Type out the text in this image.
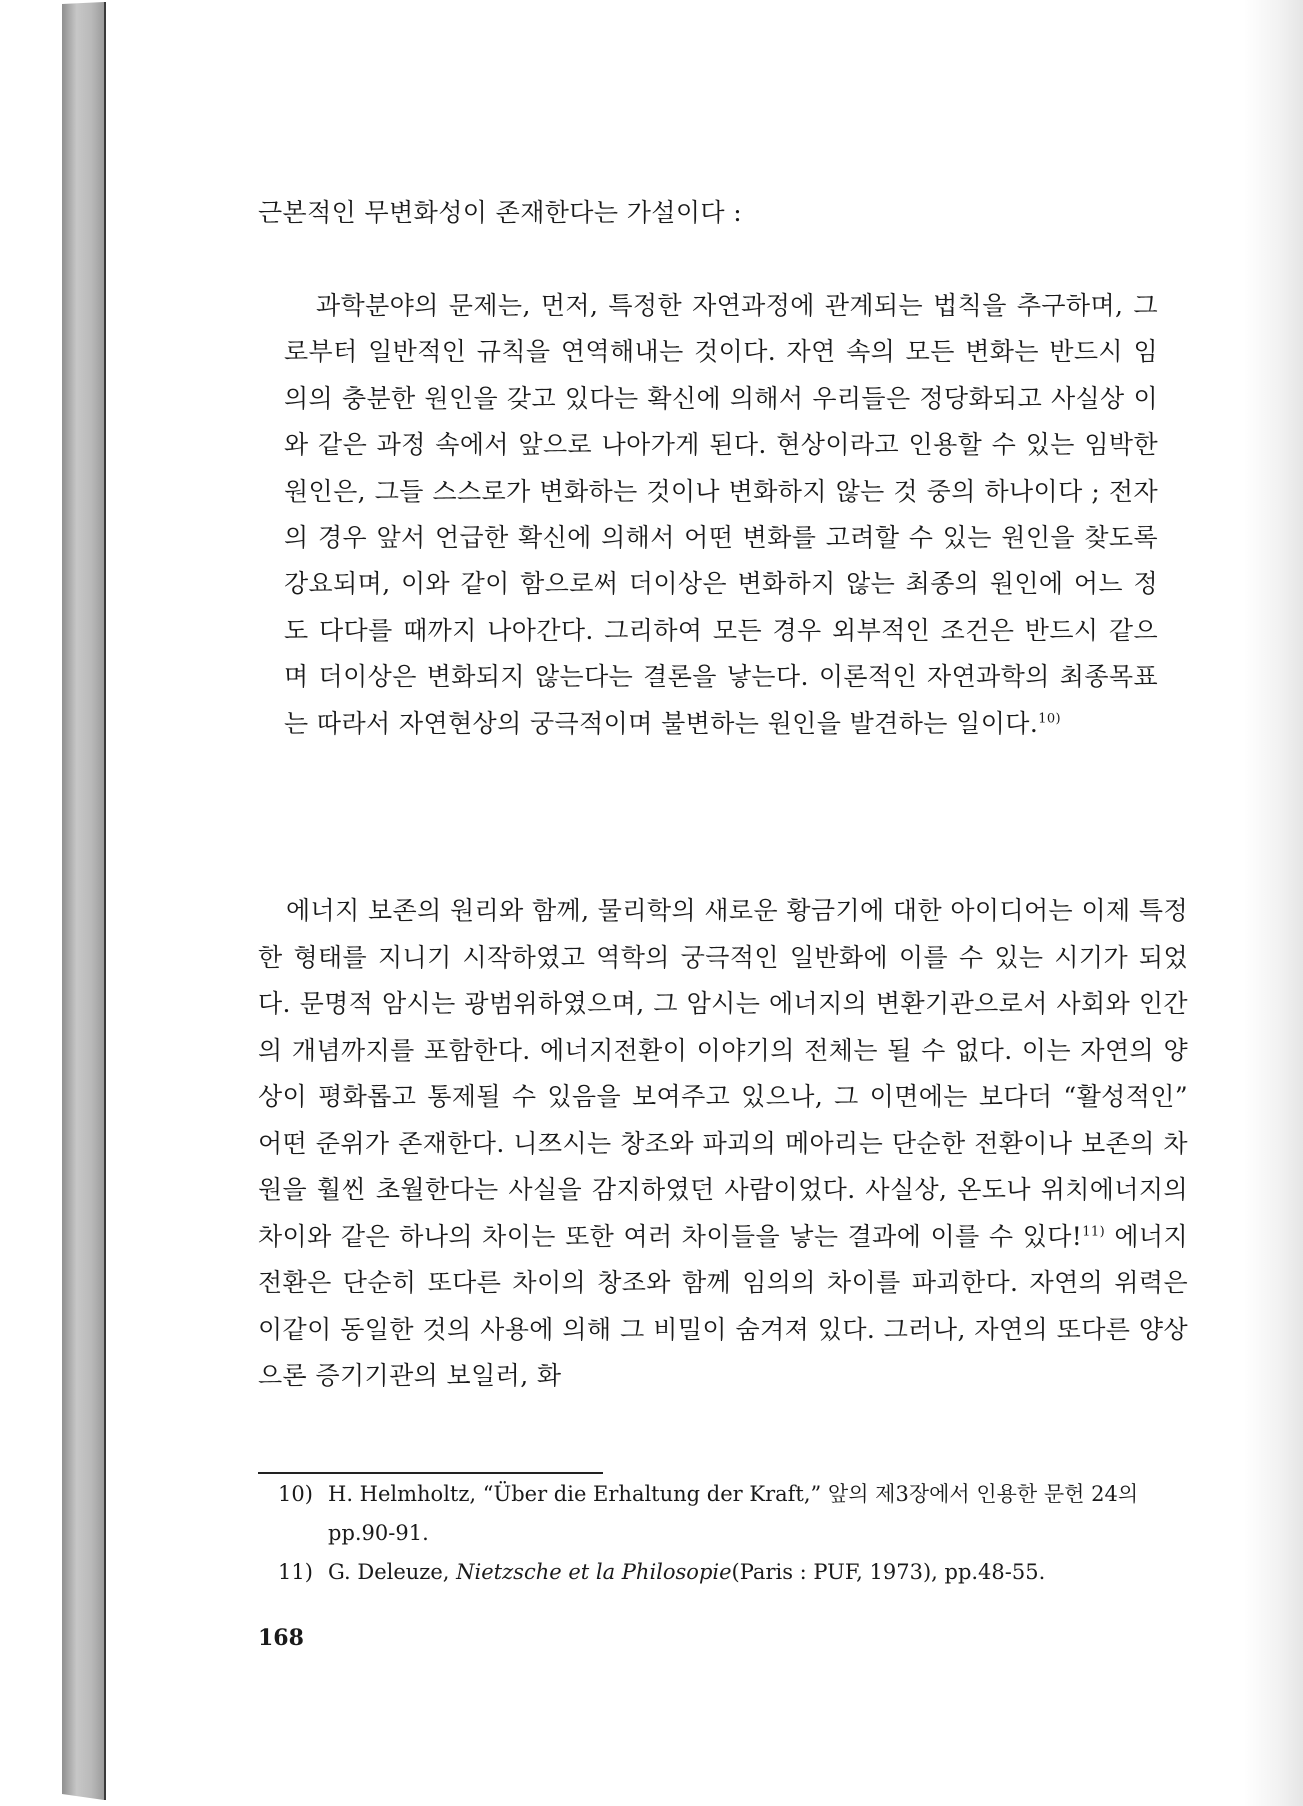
근본적인 무변화성이 존재한다는 가설이다 :

과학분야의 문제는, 먼저, 특정한 자연과정에 관계되는 법칙을 추구하며, 그로부터 일반적인 규칙을 연역해내는 것이다. 자연 속의 모든 변화는 반드시 임의의 충분한 원인을 갖고 있다는 확신에 의해서 우리들은 정당화되고 사실상 이와 같은 과정 속에서 앞으로 나아가게 된다. 현상이라고 인용할 수 있는 임박한 원인은, 그들 스스로가 변화하는 것이나 변화하지 않는 것 중의 하나이다 ; 전자의 경우 앞서 언급한 확신에 의해서 어떤 변화를 고려할 수 있는 원인을 찾도록 강요되며, 이와 같이 함으로써 더이상은 변화하지 않는 최종의 원인에 어느 정도 다다를 때까지 나아간다. 그리하여 모든 경우 외부적인 조건은 반드시 같으며 더이상은 변화되지 않는다는 결론을 낳는다. 이론적인 자연과학의 최종목표는 따라서 자연현상의 궁극적이며 불변하는 원인을 발견하는 일이다.$^{10)}$

에너지 보존의 원리와 함께, 물리학의 새로운 황금기에 대한 아이디어는 이제 특정한 형태를 지니기 시작하였고 역학의 궁극적인 일반화에 이를 수 있는 시기가 되었다. 문명적 암시는 광범위하였으며, 그 암시는 에너지의 변환기관으로서 사회와 인간의 개념까지를 포함한다. 에너지전환이 이야기의 전체는 될 수 없다. 이는 자연의 양상이 평화롭고 통제될 수 있음을 보여주고 있으나, 그 이면에는 보다더 “활성적인” 어떤 준위가 존재한다. 니쯔시는 창조와 파괴의 메아리는 단순한 전환이나 보존의 차원을 훨씬 초월한다는 사실을 감지하였던 사람이었다. 사실상, 온도나 위치에너지의 차이와 같은 하나의 차이는 또한 여러 차이들을 낳는 결과에 이를 수 있다!$^{11)}$ 에너지 전환은 단순히 또다른 차이의 창조와 함께 임의의 차이를 파괴한다. 자연의 위력은 이같이 동일한 것의 사용에 의해 그 비밀이 숨겨져 있다. 그러나, 자연의 또다른 양상으론 증기기관의 보일러, 화

10) H. Helmholtz, “Über die Erhaltung der Kraft,” 앞의 제3장에서 인용한 문헌 24의 pp.90-91.

11) G. Deleuze, Nietzsche et la Philosopie(Paris : PUF, 1973), pp.48-55.

168
